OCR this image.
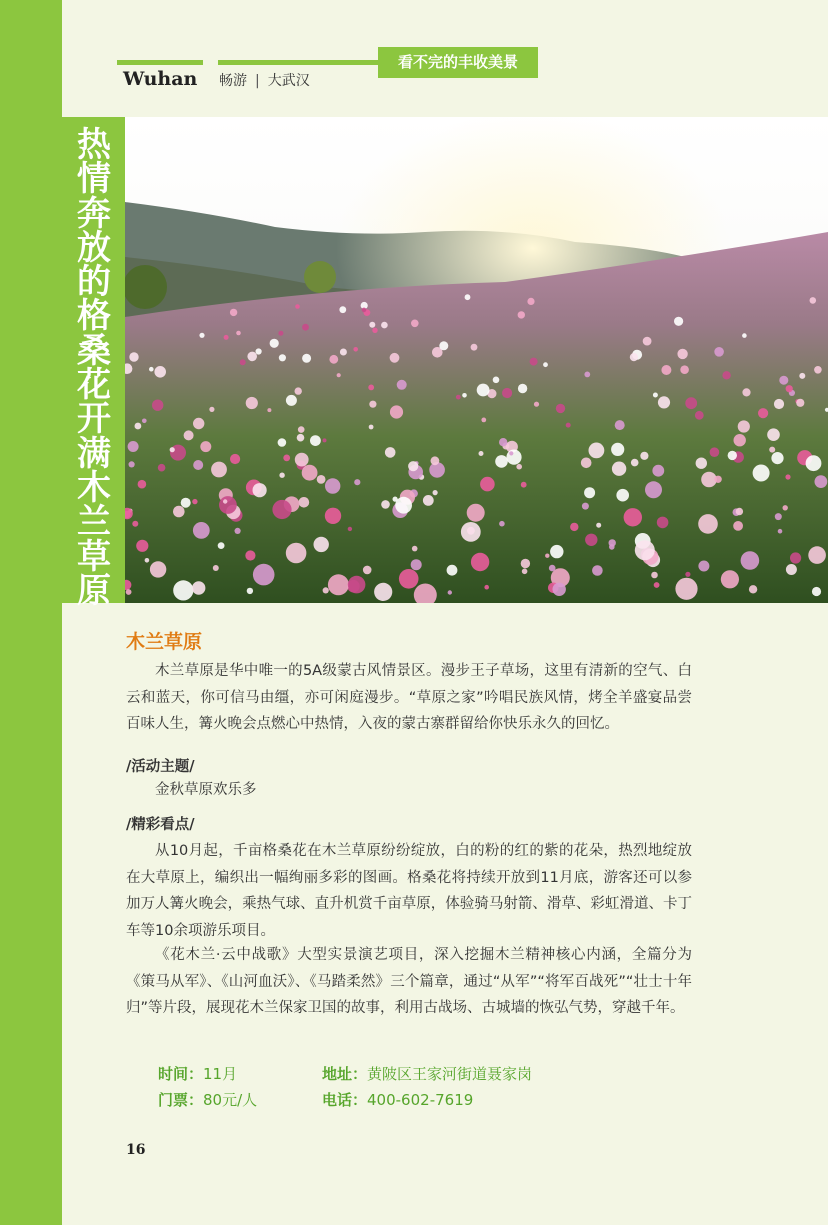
热情奔放的格桑花开满木兰草原
看不完的丰收美景
Wuhan 畅游 | 大武汉
木兰草原

木兰草原是华中唯一的5A级蒙古风情景区。漫步王子草场，这里有清新的空气、白云和蓝天，你可信马由缰，亦可闲庭漫步。“草原之家”吟唱民族风情，烤全羊盛宴品尝百味人生，篝火晚会点燃心中热情，入夜的蒙古寨群留给你快乐永久的回忆。

/活动主题/

金秋草原欢乐多

/精彩看点/

从10月起，千亩格桑花在木兰草原纷纷绽放，白的粉的红的紫的花朵，热烈地绽放在大草原上，编织出一幅绚丽多彩的图画。格桑花将持续开放到11月底，游客还可以参加万人篝火晚会，乘热气球、直升机赏千亩草原，体验骑马射箭、滑草、彩虹滑道、卡丁车等10余项游乐项目。

《花木兰·云中战歌》大型实景演艺项目，深入挖掘木兰精神核心内涵，全篇分为《策马从军》、《山河血沃》、《马踏柔然》三个篇章，通过“从军”“将军百战死”“壮士十年归”等片段，展现花木兰保家卫国的故事，利用古战场、古城墙的恢弘气势，穿越千年。

时间：11月	地址：黄陂区王家河街道聂家岗
门票：80元/人	电话：400-602-7619
16
